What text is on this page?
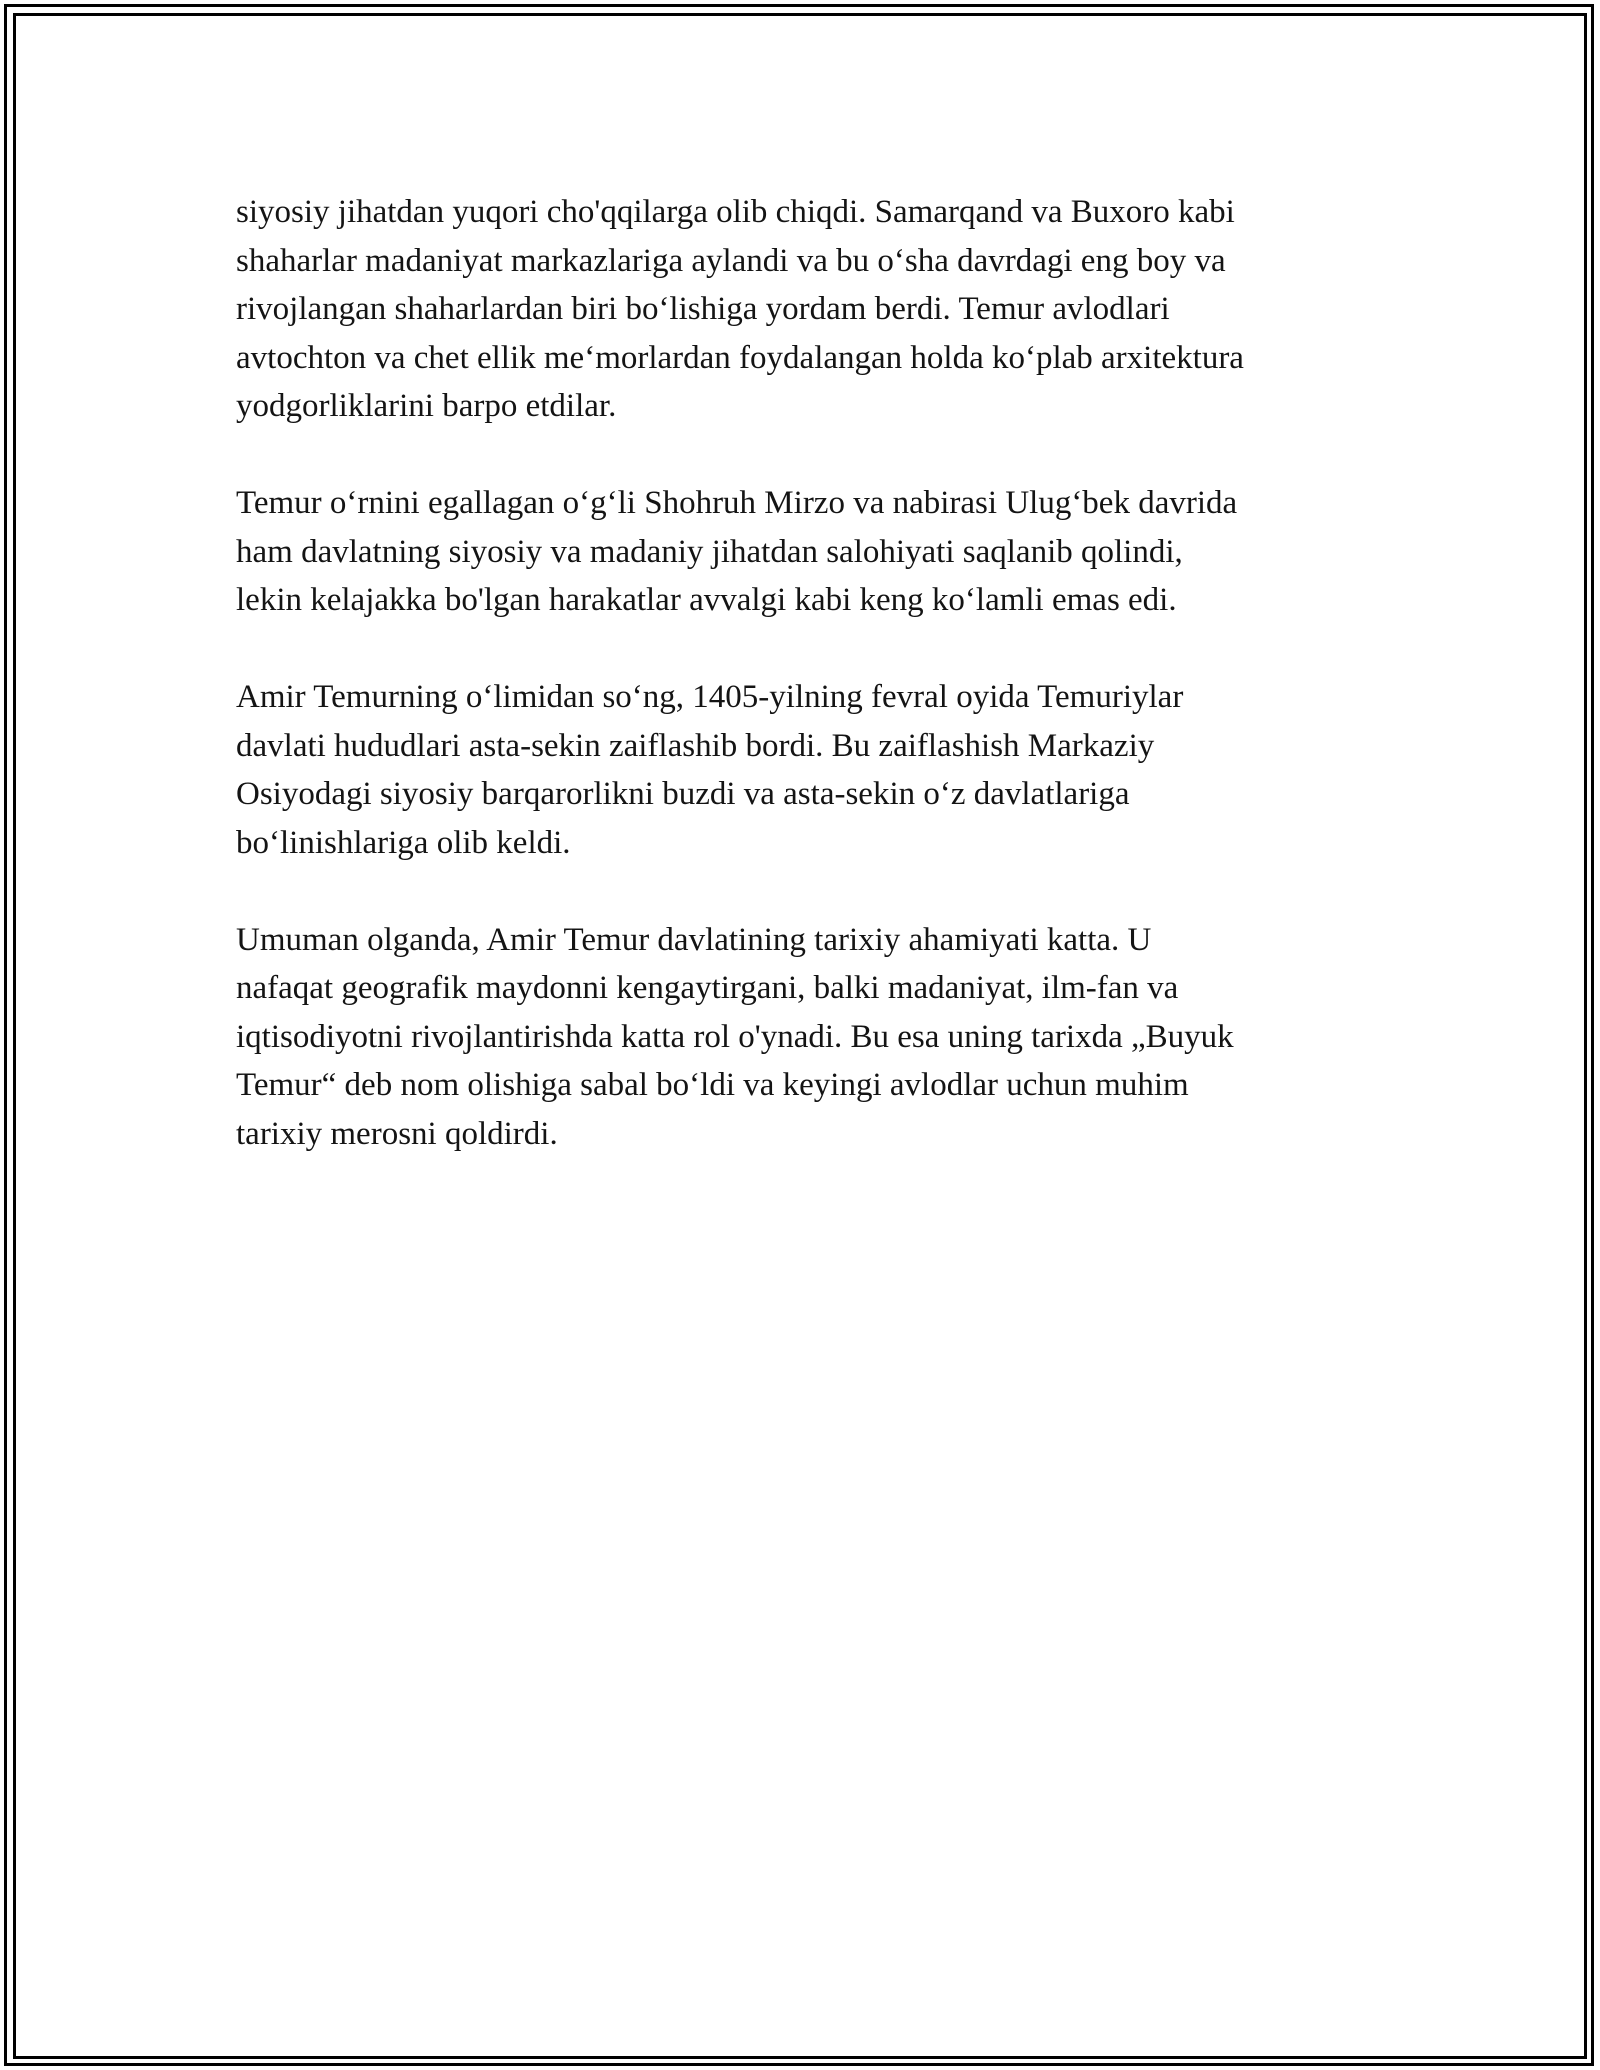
siyosiy jihatdan yuqori cho'qqilarga olib chiqdi. Samarqand va Buxoro kabi
shaharlar madaniyat markazlariga aylandi va bu o‘sha davrdagi eng boy va
rivojlangan shaharlardan biri bo‘lishiga yordam berdi. Temur avlodlari
avtochton va chet ellik me‘morlardan foydalangan holda ko‘plab arxitektura
yodgorliklarini barpo etdilar.

Temur o‘rnini egallagan o‘g‘li Shohruh Mirzo va nabirasi Ulug‘bek davrida
ham davlatning siyosiy va madaniy jihatdan salohiyati saqlanib qolindi,
lekin kelajakka bo'lgan harakatlar avvalgi kabi keng ko‘lamli emas edi.

Amir Temurning o‘limidan so‘ng, 1405-yilning fevral oyida Temuriylar
davlati hududlari asta-sekin zaiflashib bordi. Bu zaiflashish Markaziy
Osiyodagi siyosiy barqarorlikni buzdi va asta-sekin o‘z davlatlariga
bo‘linishlariga olib keldi.

Umuman olganda, Amir Temur davlatining tarixiy ahamiyati katta. U
nafaqat geografik maydonni kengaytirgani, balki madaniyat, ilm-fan va
iqtisodiyotni rivojlantirishda katta rol o'ynadi. Bu esa uning tarixda „Buyuk
Temur“ deb nom olishiga sabal bo‘ldi va keyingi avlodlar uchun muhim
tarixiy merosni qoldirdi.
